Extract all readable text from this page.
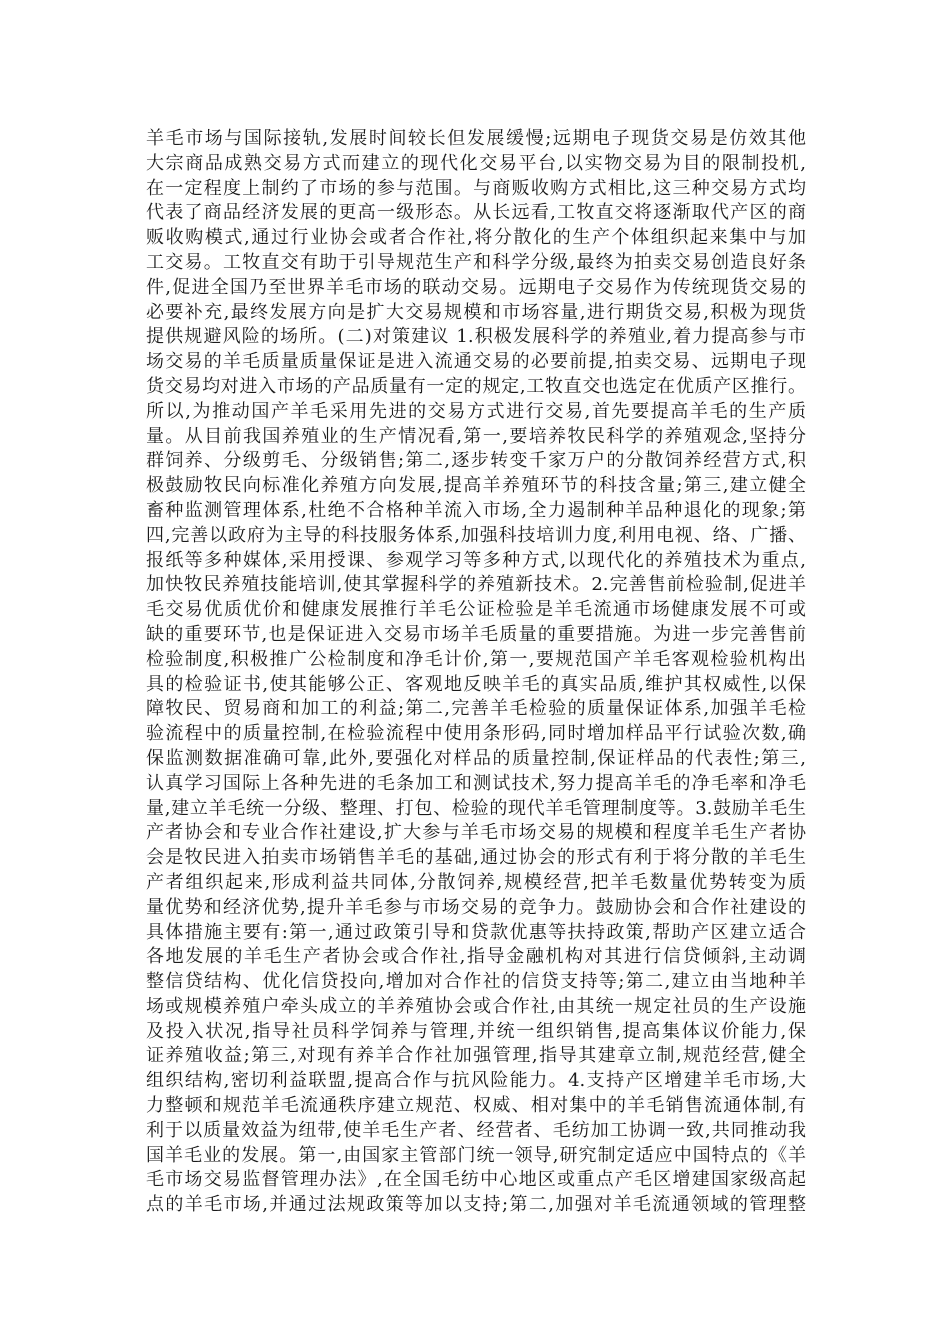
羊毛市场与国际接轨,发展时间较长但发展缓慢;远期电子现货交易是仿效其他
大宗商品成熟交易方式而建立的现代化交易平台,以实物交易为目的限制投机,
在一定程度上制约了市场的参与范围。与商贩收购方式相比,这三种交易方式均
代表了商品经济发展的更高一级形态。从长远看,工牧直交将逐渐取代产区的商
贩收购模式,通过行业协会或者合作社,将分散化的生产个体组织起来集中与加
工交易。工牧直交有助于引导规范生产和科学分级,最终为拍卖交易创造良好条
件,促进全国乃至世界羊毛市场的联动交易。远期电子交易作为传统现货交易的
必要补充,最终发展方向是扩大交易规模和市场容量,进行期货交易,积极为现货
提供规避风险的场所。(二)对策建议 1.积极发展科学的养殖业,着力提高参与市
场交易的羊毛质量质量保证是进入流通交易的必要前提,拍卖交易、远期电子现
货交易均对进入市场的产品质量有一定的规定,工牧直交也选定在优质产区推行。
所以,为推动国产羊毛采用先进的交易方式进行交易,首先要提高羊毛的生产质
量。从目前我国养殖业的生产情况看,第一,要培养牧民科学的养殖观念,坚持分
群饲养、分级剪毛、分级销售;第二,逐步转变千家万户的分散饲养经营方式,积
极鼓励牧民向标准化养殖方向发展,提高羊养殖环节的科技含量;第三,建立健全
畜种监测管理体系,杜绝不合格种羊流入市场,全力遏制种羊品种退化的现象;第
四,完善以政府为主导的科技服务体系,加强科技培训力度,利用电视、络、广播、
报纸等多种媒体,采用授课、参观学习等多种方式,以现代化的养殖技术为重点,
加快牧民养殖技能培训,使其掌握科学的养殖新技术。2.完善售前检验制,促进羊
毛交易优质优价和健康发展推行羊毛公证检验是羊毛流通市场健康发展不可或
缺的重要环节,也是保证进入交易市场羊毛质量的重要措施。为进一步完善售前
检验制度,积极推广公检制度和净毛计价,第一,要规范国产羊毛客观检验机构出
具的检验证书,使其能够公正、客观地反映羊毛的真实品质,维护其权威性,以保
障牧民、贸易商和加工的利益;第二,完善羊毛检验的质量保证体系,加强羊毛检
验流程中的质量控制,在检验流程中使用条形码,同时增加样品平行试验次数,确
保监测数据准确可靠,此外,要强化对样品的质量控制,保证样品的代表性;第三,
认真学习国际上各种先进的毛条加工和测试技术,努力提高羊毛的净毛率和净毛
量,建立羊毛统一分级、整理、打包、检验的现代羊毛管理制度等。3.鼓励羊毛生
产者协会和专业合作社建设,扩大参与羊毛市场交易的规模和程度羊毛生产者协
会是牧民进入拍卖市场销售羊毛的基础,通过协会的形式有利于将分散的羊毛生
产者组织起来,形成利益共同体,分散饲养,规模经营,把羊毛数量优势转变为质
量优势和经济优势,提升羊毛参与市场交易的竞争力。鼓励协会和合作社建设的
具体措施主要有:第一,通过政策引导和贷款优惠等扶持政策,帮助产区建立适合
各地发展的羊毛生产者协会或合作社,指导金融机构对其进行信贷倾斜,主动调
整信贷结构、优化信贷投向,增加对合作社的信贷支持等;第二,建立由当地种羊
场或规模养殖户牵头成立的羊养殖协会或合作社,由其统一规定社员的生产设施
及投入状况,指导社员科学饲养与管理,并统一组织销售,提高集体议价能力,保
证养殖收益;第三,对现有养羊合作社加强管理,指导其建章立制,规范经营,健全
组织结构,密切利益联盟,提高合作与抗风险能力。4.支持产区增建羊毛市场,大
力整顿和规范羊毛流通秩序建立规范、权威、相对集中的羊毛销售流通体制,有
利于以质量效益为纽带,使羊毛生产者、经营者、毛纺加工协调一致,共同推动我
国羊毛业的发展。第一,由国家主管部门统一领导,研究制定适应中国特点的《羊
毛市场交易监督管理办法》,在全国毛纺中心地区或重点产毛区增建国家级高起
点的羊毛市场,并通过法规政策等加以支持;第二,加强对羊毛流通领域的管理整
